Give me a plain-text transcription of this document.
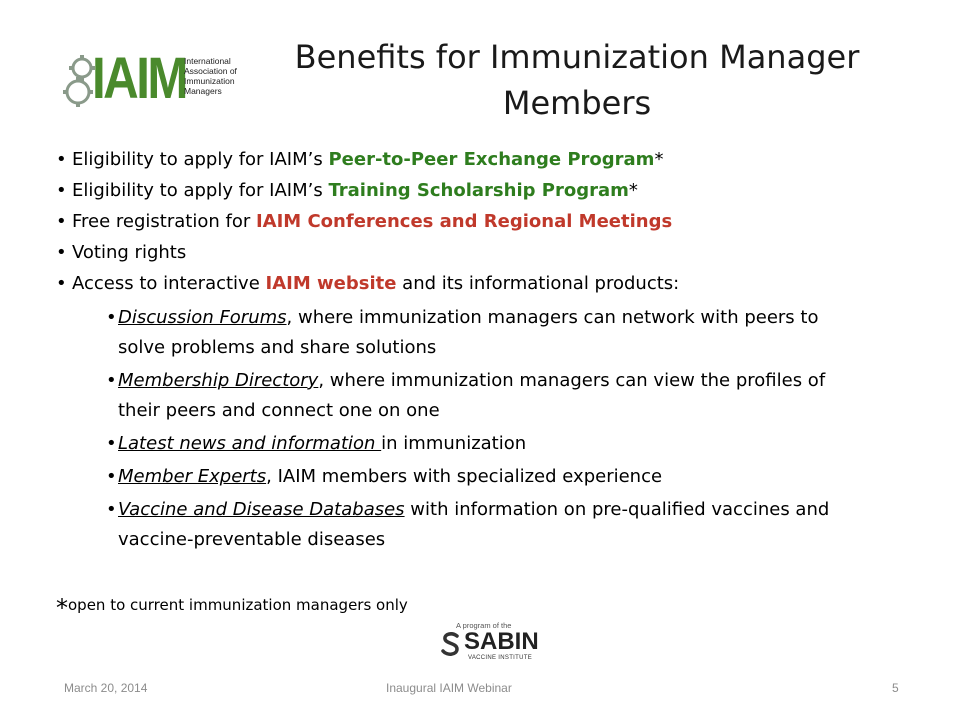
IAIM
International
Association of
Immunization
Managers
Benefits for Immunization Manager Members
• Eligibility to apply for IAIM’s Peer-to-Peer Exchange Program*
• Eligibility to apply for IAIM’s Training Scholarship Program*
• Free registration for IAIM Conferences and Regional Meetings
• Voting rights
• Access to interactive IAIM website and its informational products:
• Discussion Forums, where immunization managers can network with peers to solve problems and share solutions
• Membership Directory, where immunization managers can view the profiles of their peers and connect one on one
• Latest news and information in immunization
• Member Experts, IAIM members with specialized experience
• Vaccine and Disease Databases with information on pre-qualified vaccines and vaccine-preventable diseases
*open to current immunization managers only
A program of the
SABIN
VACCINE INSTITUTE
March 20, 2014	Inaugural IAIM Webinar	5
